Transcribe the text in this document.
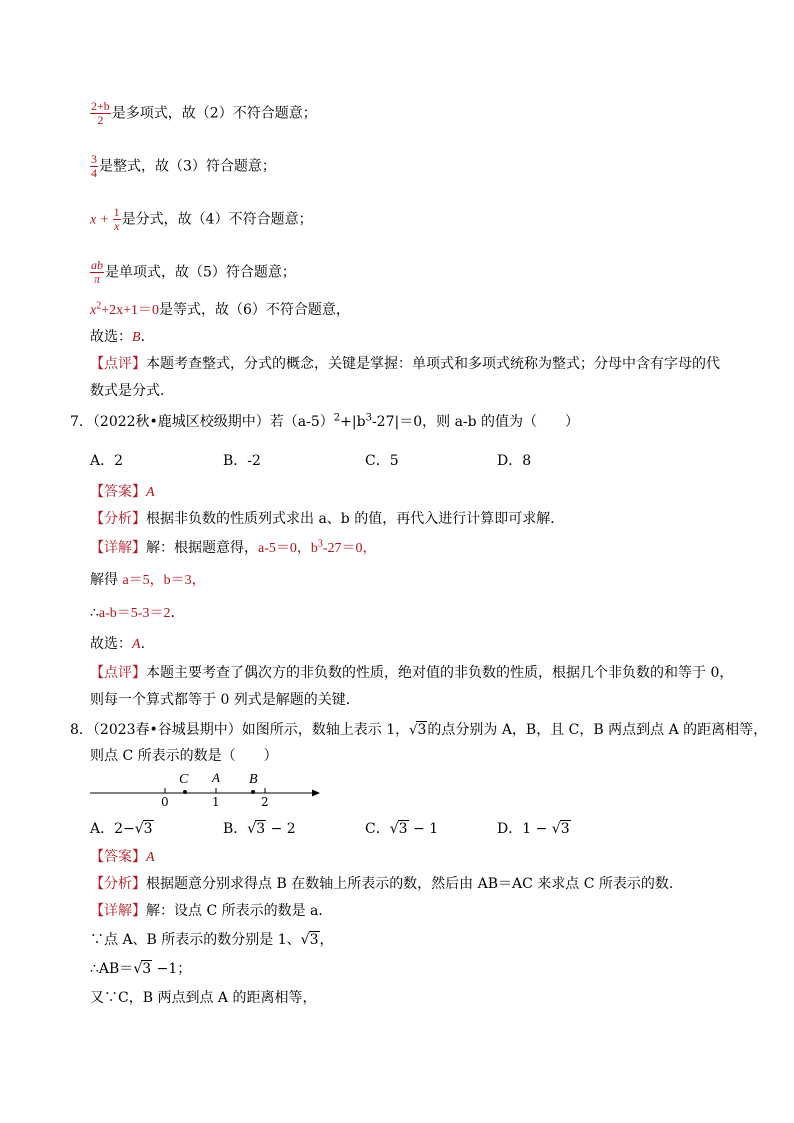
$\frac{2+b}{2}$ 是多项式，故（2）不符合题意；
$\frac{3}{4}$ 是整式，故（3）符合题意；
$x + \frac{1}{x}$ 是分式，故（4）不符合题意；
$\frac{ab}{\pi}$ 是单项式，故（5）符合题意；
$x^2+2x+1=0$是等式，故（6）不符合题意，
故选：B．
【点评】本题考查整式，分式的概念，关键是掌握：单项式和多项式统称为整式；分母中含有字母的代
数式是分式．
7．（2022秋•鹿城区校级期中）若$(a-5)^2+|b^3-27|=0$，则 a-b 的值为（　　）
A．2	B．-2	C．5	D．8
【答案】A
【分析】根据非负数的性质列式求出 a、b 的值，再代入进行计算即可求解．
【详解】解：根据题意得，a-5＝0，$b^3-27=0$，
解得 a＝5，b＝3，
∴a-b＝5-3＝2．
故选：A．
【点评】本题主要考查了偶次方的非负数的性质，绝对值的非负数的性质，根据几个非负数的和等于 0，
则每一个算式都等于 0 列式是解题的关键．
8．（2023春•谷城县期中）如图所示，数轴上表示 1，√3的点分别为 A，B，且 C，B 两点到点 A 的距离相等，
则点 C 所表示的数是（　　）
C A B
0	1	2
A．2−√3	B．√3 − 2	C．√3 − 1	D．1 − √3
【答案】A
【分析】根据题意分别求得点 B 在数轴上所表示的数，然后由 AB＝AC 来求点 C 所表示的数．
【详解】解：设点 C 所表示的数是 a．
∵点 A、B 所表示的数分别是 1、√3，
∴AB＝√3 −1；
又∵C，B 两点到点 A 的距离相等，
